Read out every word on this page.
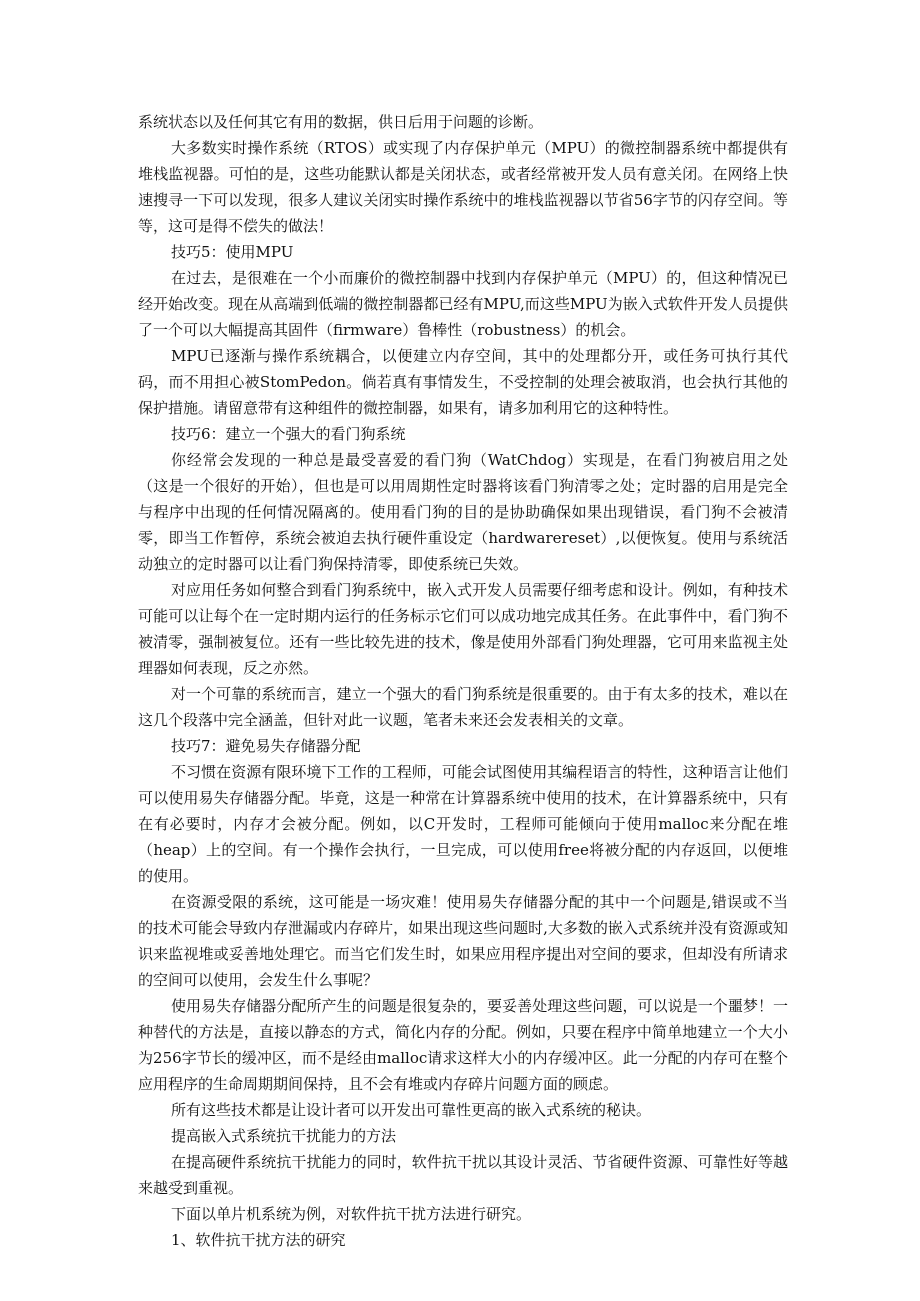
系统状态以及任何其它有用的数据，供日后用于问题的诊断。

大多数实时操作系统（RTOS）或实现了内存保护单元（MPU）的微控制器系统中都提供有堆栈监视器。可怕的是，这些功能默认都是关闭状态，或者经常被开发人员有意关闭。在网络上快速搜寻一下可以发现，很多人建议关闭实时操作系统中的堆栈监视器以节省56字节的闪存空间。等等，这可是得不偿失的做法！

技巧5：使用MPU

在过去，是很难在一个小而廉价的微控制器中找到内存保护单元（MPU）的，但这种情况已经开始改变。现在从高端到低端的微控制器都已经有MPU,而这些MPU为嵌入式软件开发人员提供了一个可以大幅提高其固件（firmware）鲁棒性（robustness）的机会。

MPU已逐渐与操作系统耦合，以便建立内存空间，其中的处理都分开，或任务可执行其代码，而不用担心被StomPedon。倘若真有事情发生，不受控制的处理会被取消，也会执行其他的保护措施。请留意带有这种组件的微控制器，如果有，请多加利用它的这种特性。

技巧6：建立一个强大的看门狗系统

你经常会发现的一种总是最受喜爱的看门狗（WatChdog）实现是，在看门狗被启用之处（这是一个很好的开始），但也是可以用周期性定时器将该看门狗清零之处；定时器的启用是完全与程序中出现的任何情况隔离的。使用看门狗的目的是协助确保如果出现错误，看门狗不会被清零，即当工作暂停，系统会被迫去执行硬件重设定（hardwarereset）,以便恢复。使用与系统活动独立的定时器可以让看门狗保持清零，即使系统已失效。

对应用任务如何整合到看门狗系统中，嵌入式开发人员需要仔细考虑和设计。例如，有种技术可能可以让每个在一定时期内运行的任务标示它们可以成功地完成其任务。在此事件中，看门狗不被清零，强制被复位。还有一些比较先进的技术，像是使用外部看门狗处理器，它可用来监视主处理器如何表现，反之亦然。

对一个可靠的系统而言，建立一个强大的看门狗系统是很重要的。由于有太多的技术，难以在这几个段落中完全涵盖，但针对此一议题，笔者未来还会发表相关的文章。

技巧7：避免易失存储器分配

不习惯在资源有限环境下工作的工程师，可能会试图使用其编程语言的特性，这种语言让他们可以使用易失存储器分配。毕竟，这是一种常在计算器系统中使用的技术，在计算器系统中，只有在有必要时，内存才会被分配。例如，以C开发时，工程师可能倾向于使用malloc来分配在堆（heap）上的空间。有一个操作会执行，一旦完成，可以使用free将被分配的内存返回，以便堆的使用。

在资源受限的系统，这可能是一场灾难！使用易失存储器分配的其中一个问题是,错误或不当的技术可能会导致内存泄漏或内存碎片，如果出现这些问题时,大多数的嵌入式系统并没有资源或知识来监视堆或妥善地处理它。而当它们发生时，如果应用程序提出对空间的要求，但却没有所请求的空间可以使用，会发生什么事呢？

使用易失存储器分配所产生的问题是很复杂的，要妥善处理这些问题，可以说是一个噩梦！一种替代的方法是，直接以静态的方式，简化内存的分配。例如，只要在程序中简单地建立一个大小为256字节长的缓冲区，而不是经由malloc请求这样大小的内存缓冲区。此一分配的内存可在整个应用程序的生命周期期间保持，且不会有堆或内存碎片问题方面的顾虑。

所有这些技术都是让设计者可以开发出可靠性更高的嵌入式系统的秘诀。

提高嵌入式系统抗干扰能力的方法

在提高硬件系统抗干扰能力的同时，软件抗干扰以其设计灵活、节省硬件资源、可靠性好等越来越受到重视。

下面以单片机系统为例，对软件抗干扰方法进行研究。

1、软件抗干扰方法的研究
